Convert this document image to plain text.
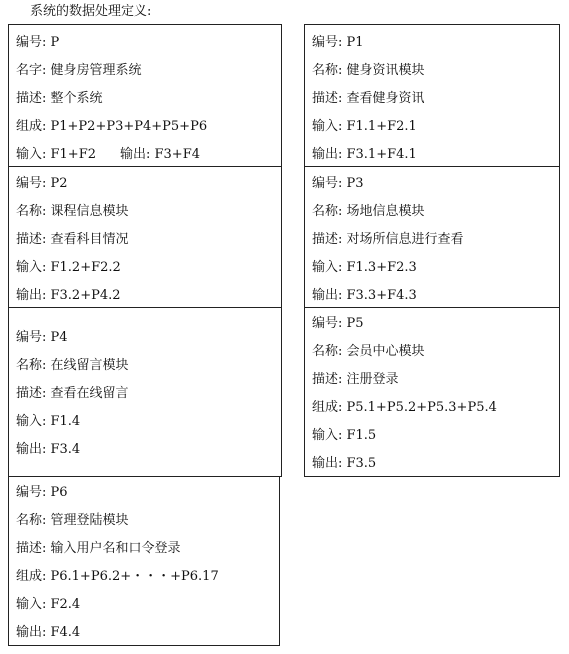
系统的数据处理定义:
编号: P
名字: 健身房管理系统
描述: 整个系统
组成: P1+P2+P3+P4+P5+P6
输入: F1+F2 输出: F3+F4
编号: P1
名称: 健身资讯模块
描述: 查看健身资讯
输入: F1.1+F2.1
输出: F3.1+F4.1
编号: P2
名称: 课程信息模块
描述: 查看科目情况
输入: F1.2+F2.2
输出: F3.2+P4.2
编号: P3
名称: 场地信息模块
描述: 对场所信息进行查看
输入: F1.3+F2.3
输出: F3.3+F4.3
编号: P4
名称: 在线留言模块
描述: 查看在线留言
输入: F1.4
输出: F3.4
编号: P5
名称: 会员中心模块
描述: 注册登录
组成: P5.1+P5.2+P5.3+P5.4
输入: F1.5
输出: F3.5
编号: P6
名称: 管理登陆模块
描述: 输入用户名和口令登录
组成: P6.1+P6.2+・・・+P6.17
输入: F2.4
输出: F4.4
